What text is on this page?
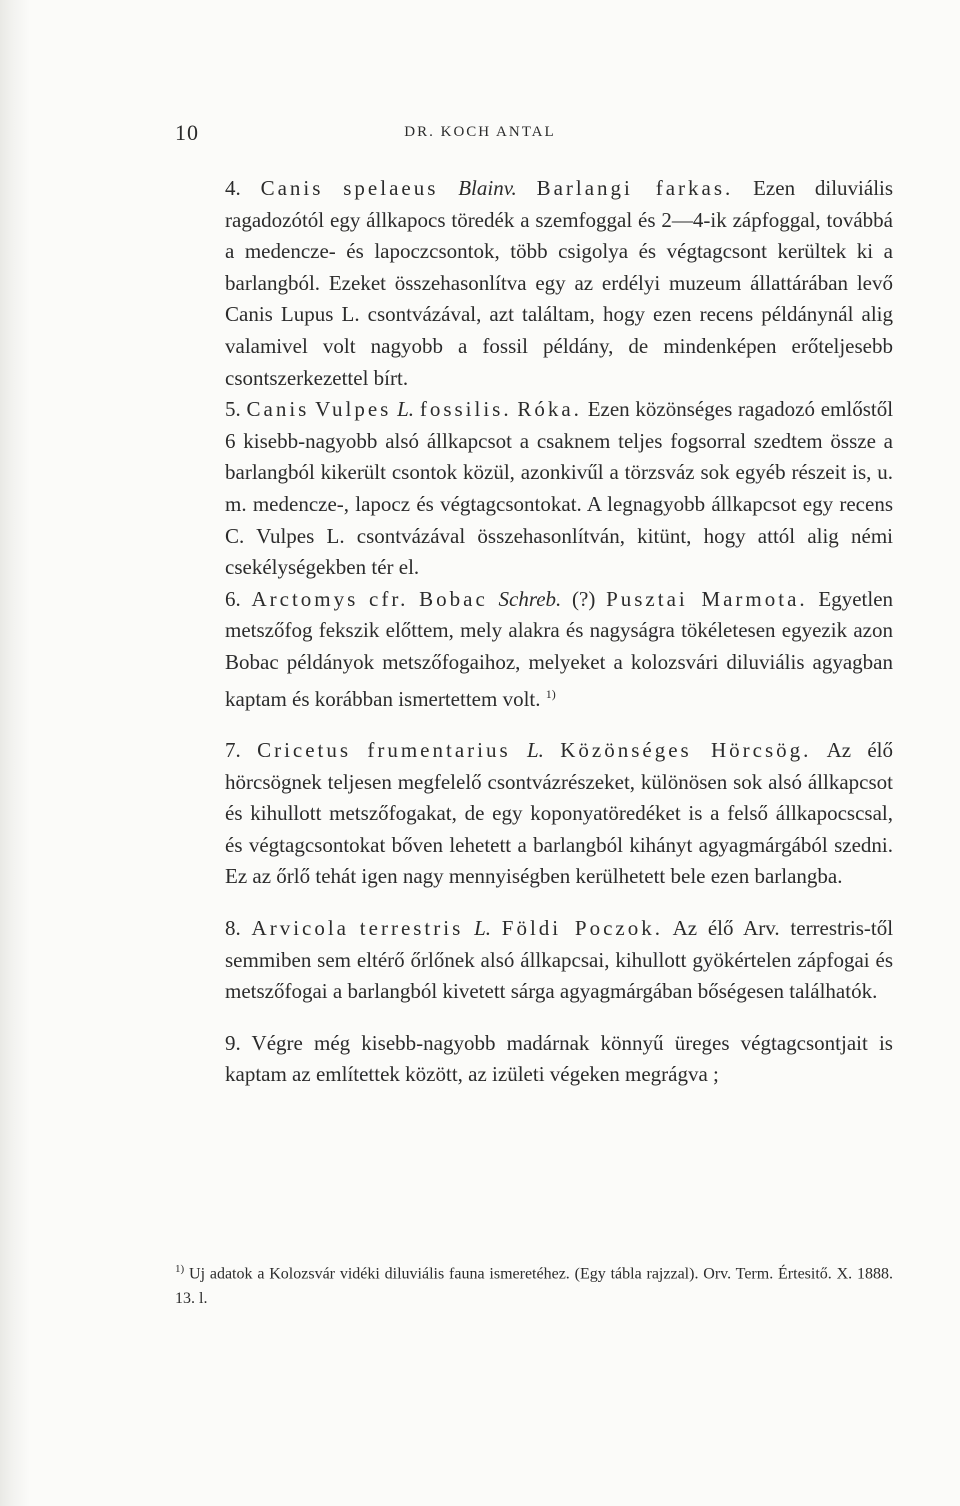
10	DR. KOCH ANTAL

4. Canis spelaeus Blainv. Barlangi farkas. Ezen diluviális ragadozótól egy állkapocs töredék a szemfoggal és 2—4-ik zápfoggal, továbbá a medencze- és lapoczcsontok, több csigolya és végtagcsont kerültek ki a barlangból. Ezeket összehasonlítva egy az erdélyi muzeum állattárában levő Canis Lupus L. csontvázával, azt találtam, hogy ezen recens példánynál alig valamivel volt nagyobb a fossil példány, de mindenképen erőteljesebb csontszerkezettel bírt.

5. Canis Vulpes L. fossilis. Róka. Ezen közönséges ragadozó emlőstől 6 kisebb-nagyobb alsó állkapcsot a csaknem teljes fogsorral szedtem össze a barlangból kikerült csontok közül, azonkivűl a törzsváz sok egyéb részeit is, u. m. medencze-, lapocz és végtagcsontokat. A legnagyobb állkapcsot egy recens C. Vulpes L. csontvázával összehasonlítván, kitünt, hogy attól alig némi csekélységekben tér el.

6. Arctomys cfr. Bobac Schreb. (?) Pusztai Marmota. Egyetlen metszőfog fekszik előttem, mely alakra és nagyságra tökéletesen egyezik azon Bobac példányok metszőfogaihoz, melyeket a kolozsvári diluviális agyagban kaptam és korábban ismertettem volt. $^{1)}$

7. Cricetus frumentarius L. Közönséges Hörcsög. Az élő hörcsögnek teljesen megfelelő csontvázrészeket, különösen sok alsó állkapcsot és kihullott metszőfogakat, de egy koponyatöredéket is a felső állkapocscsal, és végtagcsontokat bőven lehetett a barlangból kihányt agyagmárgából szedni. Ez az őrlő tehát igen nagy mennyiségben kerülhetett bele ezen barlangba.

8. Arvicola terrestris L. Földi Poczok. Az élő Arv. terrestris-től semmiben sem eltérő őrlőnek alsó állkapcsai, kihullott gyökértelen zápfogai és metszőfogai a barlangból kivetett sárga agyagmárgában bőségesen találhatók.

9. Végre még kisebb-nagyobb madárnak könnyű üreges végtagcsontjait is kaptam az említettek között, az izületi végeken megrágva ;

$^{1)}$ Uj adatok a Kolozsvár vidéki diluviális fauna ismeretéhez. (Egy tábla rajzzal). Orv. Term. Értesitő. X. 1888. 13. l.
